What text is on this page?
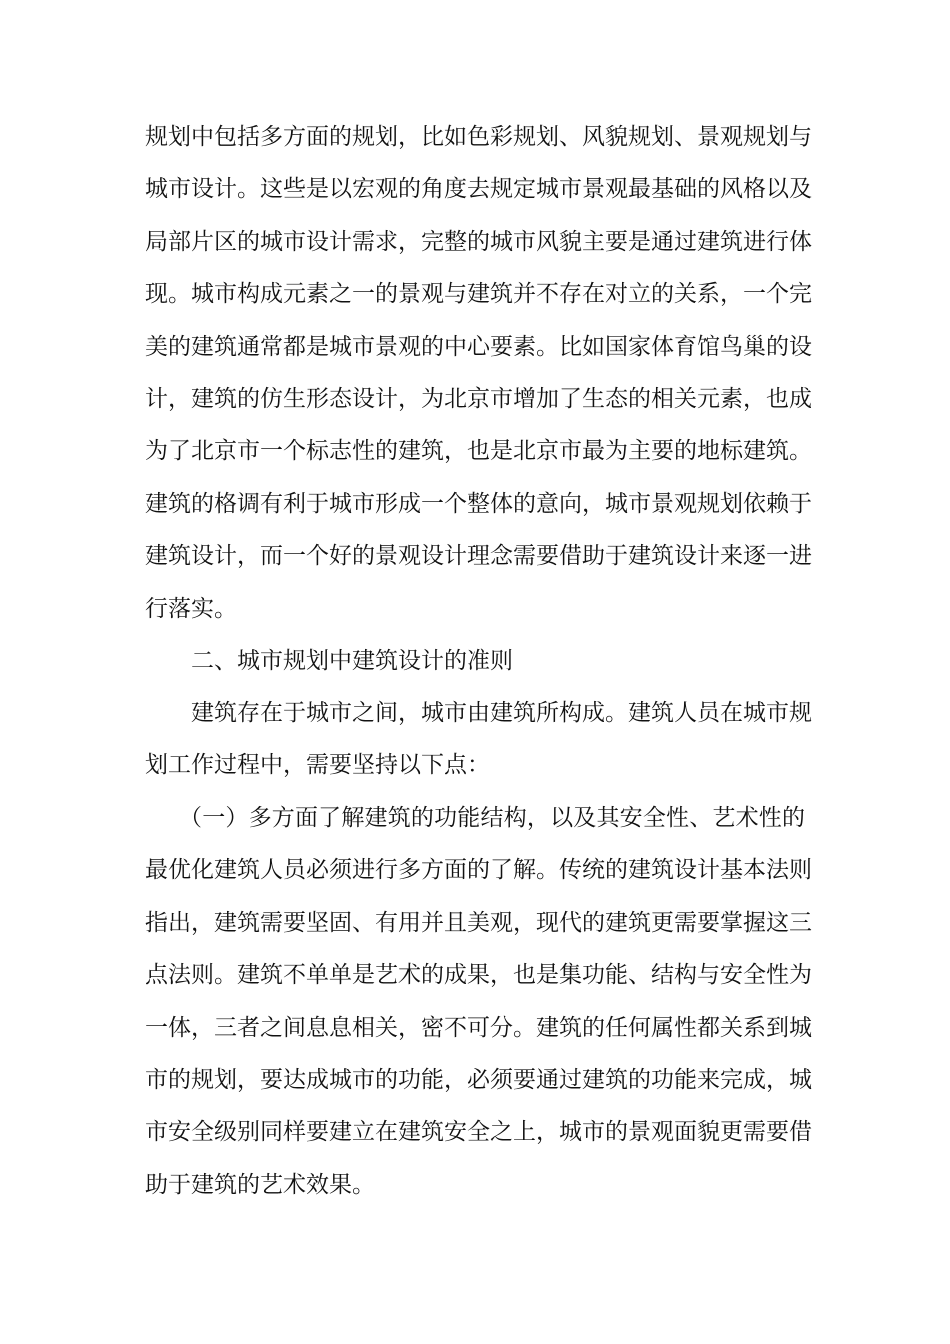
规划中包括多方面的规划，比如色彩规划、风貌规划、景观规划与
城市设计。这些是以宏观的角度去规定城市景观最基础的风格以及
局部片区的城市设计需求，完整的城市风貌主要是通过建筑进行体
现。城市构成元素之一的景观与建筑并不存在对立的关系，一个完
美的建筑通常都是城市景观的中心要素。比如国家体育馆鸟巢的设
计，建筑的仿生形态设计，为北京市增加了生态的相关元素，也成
为了北京市一个标志性的建筑，也是北京市最为主要的地标建筑。
建筑的格调有利于城市形成一个整体的意向，城市景观规划依赖于
建筑设计，而一个好的景观设计理念需要借助于建筑设计来逐一进
行落实。
二、城市规划中建筑设计的准则
建筑存在于城市之间，城市由建筑所构成。建筑人员在城市规
划工作过程中，需要坚持以下点：
（一）多方面了解建筑的功能结构，以及其安全性、艺术性的
最优化建筑人员必须进行多方面的了解。传统的建筑设计基本法则
指出，建筑需要坚固、有用并且美观，现代的建筑更需要掌握这三
点法则。建筑不单单是艺术的成果，也是集功能、结构与安全性为
一体，三者之间息息相关，密不可分。建筑的任何属性都关系到城
市的规划，要达成城市的功能，必须要通过建筑的功能来完成，城
市安全级别同样要建立在建筑安全之上，城市的景观面貌更需要借
助于建筑的艺术效果。
